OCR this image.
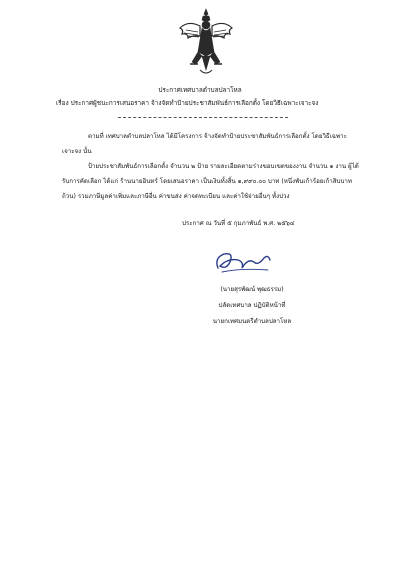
ประกาศเทศบาลตำบลปลาโหล
เรื่อง ประกาศผู้ชนะการเสนอราคา จ้างจัดทำป้ายประชาสัมพันธ์การเลือกตั้ง โดยวิธีเฉพาะเจาะจง
ตามที่ เทศบาลตำบลปลาโหล ได้มีโครงการ จ้างจัดทำป้ายประชาสัมพันธ์การเลือกตั้ง โดยวิธีเฉพาะ
เจาะจง นั้น
ป้ายประชาสัมพันธ์การเลือกตั้ง จำนวน ๒ ป้าย รายละเอียดตามร่างขอบเขตของงาน จำนวน ๑ งาน ผู้ได้
รับการคัดเลือก ได้แก่ ร้านนายอินทร์ โดยเสนอราคา เป็นเงินทั้งสิ้น ๑,๙๙๐.๐๐ บาท (หนึ่งพันเก้าร้อยเก้าสิบบาท
ถ้วน) รวมภาษีมูลค่าเพิ่มและภาษีอื่น ค่าขนส่ง ค่าจดทะเบียน และค่าใช้จ่ายอื่นๆ ทั้งปวง
ประกาศ ณ วันที่ ๕ กุมภาพันธ์ พ.ศ. ๒๕๖๔
(นายสุรพัฒน์ พุฒธรรม)
ปลัดเทศบาล ปฏิบัติหน้าที่
นายกเทศมนตรีตำบลปลาโหล
